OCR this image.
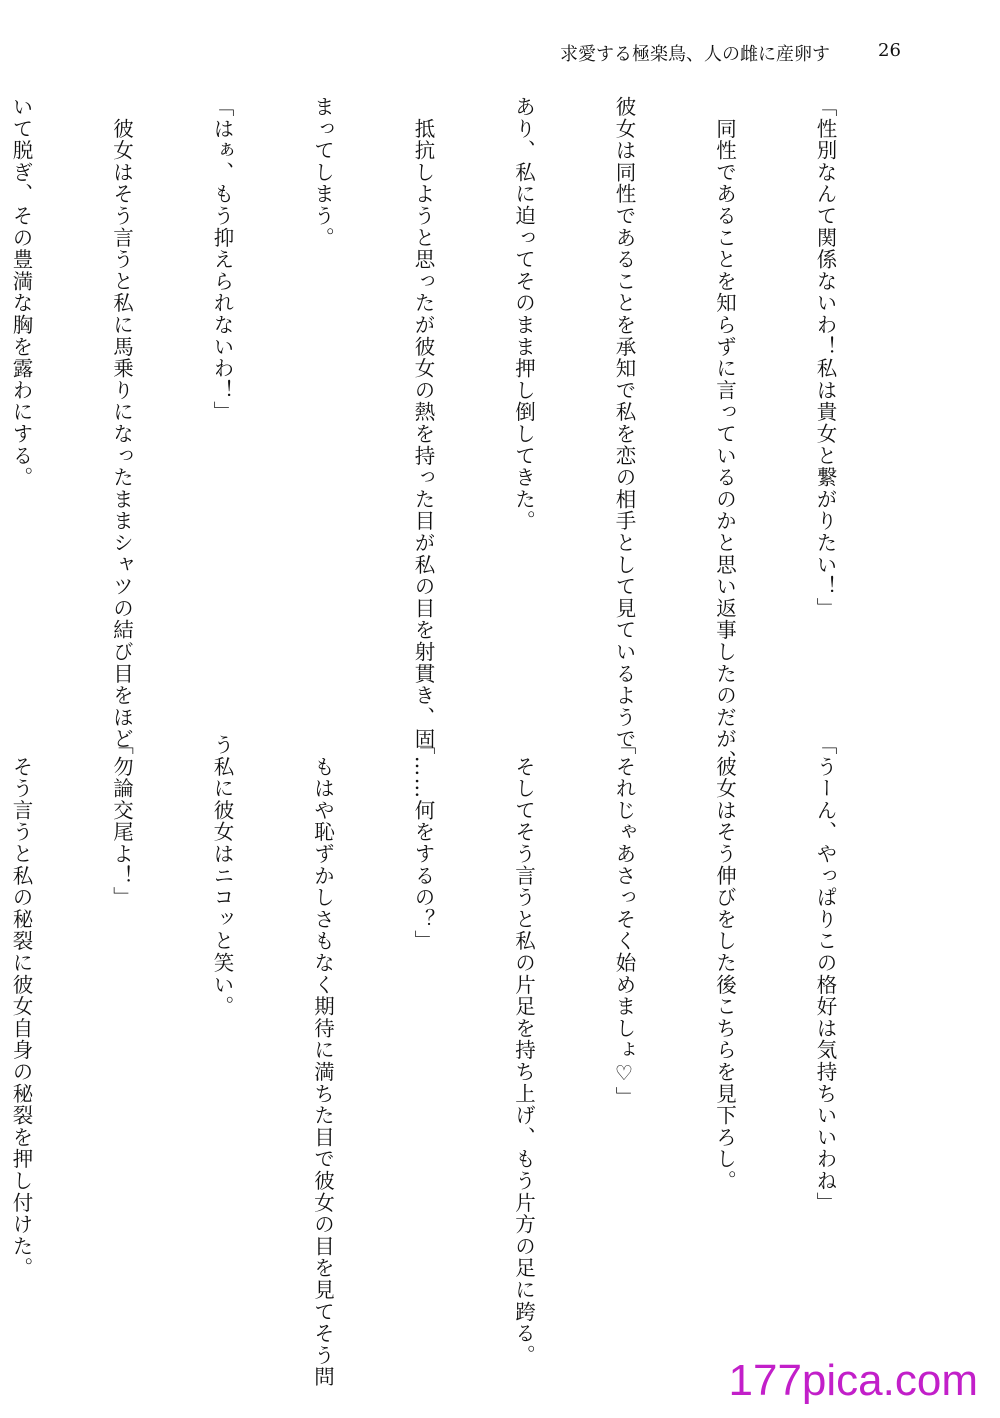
求愛する極楽鳥、人の雌に産卵す	26

「性別なんて関係ないわ！私は貴女と繋がりたい！」

　同性であることを知らずに言っているのかと思い返事したのだが、

彼女は同性であることを承知で私を恋の相手として見ているようで

あり、私に迫ってそのまま押し倒してきた。

　抵抗しようと思ったが彼女の熱を持った目が私の目を射貫き、固

まってしまう。

「はぁ、もう抑えられないわ！」

　彼女はそう言うと私に馬乗りになったままシャツの結び目をほど

いて脱ぎ、その豊満な胸を露わにする。

「うーん、やっぱりこの格好は気持ちいいわね」

　彼女はそう伸びをした後こちらを見下ろし。

「それじゃあさっそく始めましょ♡」

　そしてそう言うと私の片足を持ち上げ、もう片方の足に跨る。

「……何をするの？」

　もはや恥ずかしさもなく期待に満ちた目で彼女の目を見てそう問

う私に彼女はニコッと笑い。

「勿論交尾よ！」

　そう言うと私の秘裂に彼女自身の秘裂を押し付けた。

177pica.com
